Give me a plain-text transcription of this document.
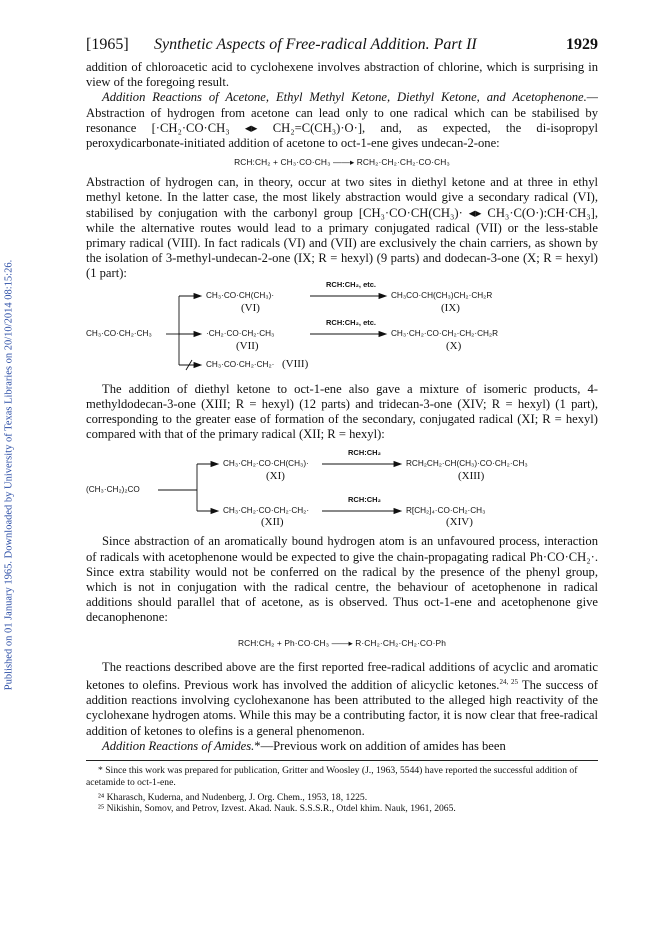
Published on 01 January 1965. Downloaded by University of Texas Libraries on 20/10/2014 08:15:26.
[1965] Synthetic Aspects of Free-radical Addition. Part II	1929

addition of chloroacetic acid to cyclohexene involves abstraction of chlorine, which is surprising in view of the foregoing result.

Addition Reactions of Acetone, Ethyl Methyl Ketone, Diethyl Ketone, and Acetophenone.—Abstraction of hydrogen from acetone can lead only to one radical which can be stabilised by resonance [·CH₂·CO·CH₃ ◂▸ CH₂=C(CH₃)·O·], and, as expected, the di-isopropyl peroxydicarbonate-initiated addition of acetone to oct-1-ene gives undecan-2-one:

RCH:CH₂ + CH₃·CO·CH₃ ——▸ RCH₂·CH₂·CH₂·CO·CH₃

Abstraction of hydrogen can, in theory, occur at two sites in diethyl ketone and at three in ethyl methyl ketone. In the latter case, the most likely abstraction would give a secondary radical (VI), stabilised by conjugation with the carbonyl group [CH₃·CO·CH(CH₃)· ◂▸ CH₃·C(O·):CH·CH₃], while the alternative routes would lead to a primary conjugated radical (VII) or the less-stable primary radical (VIII). In fact radicals (VI) and (VII) are exclusively the chain carriers, as shown by the isolation of 3-methyl-undecan-2-one (IX; R = hexyl) (9 parts) and dodecan-3-one (X; R = hexyl) (1 part):

RCH:CH₂, etc.
CH₃·CO·CH(CH₃)·
(VI)
CH₃CO·CH(CH₃)CH₂·CH₂R
(IX)
RCH:CH₂, etc.
CH₃·CO·CH₂·CH₃	·CH₂·CO·CH₂·CH₃
(VII)
CH₃·CH₂·CO·CH₂·CH₂·CH₂R
(X)
CH₃·CO·CH₂·CH₂· (VIII)

The addition of diethyl ketone to oct-1-ene also gave a mixture of isomeric products, 4-methyldodecan-3-one (XIII; R = hexyl) (12 parts) and tridecan-3-one (XIV; R = hexyl) (1 part), corresponding to the greater ease of formation of the secondary, conjugated radical (XI; R = hexyl) compared with that of the primary radical (XII; R = hexyl):

RCH:CH₂
CH₃·CH₂·CO·CH(CH₃)·
(XI)
RCH₂CH₂·CH(CH₃)·CO·CH₂·CH₃
(XIII)
(CH₃·CH₂)₂CO
RCH:CH₂
CH₃·CH₂·CO·CH₂·CH₂·
(XII)
R[CH₂]₄·CO·CH₂·CH₃
(XIV)

Since abstraction of an aromatically bound hydrogen atom is an unfavoured process, interaction of radicals with acetophenone would be expected to give the chain-propagating radical Ph·CO·CH₂·. Since extra stability would not be conferred on the radical by the presence of the phenyl group, which is not in conjugation with the radical centre, the behaviour of acetophenone in radical additions should parallel that of acetone, as is observed. Thus oct-1-ene and acetophenone give decanophenone:

RCH:CH₂ + Ph·CO·CH₃ ——▸ R·CH₂·CH₂·CH₂·CO·Ph

The reactions described above are the first reported free-radical additions of acyclic and aromatic ketones to olefins. Previous work has involved the addition of alicyclic ketones.$^{24, 25}$ The success of addition reactions involving cyclohexanone has been attributed to the alleged high reactivity of the cyclohexane hydrogen atoms. While this may be a contributing factor, it is now clear that free-radical addition of ketones to olefins is a general phenomenon.

Addition Reactions of Amides.*—Previous work on addition of amides has been

* Since this work was prepared for publication, Gritter and Woosley (J., 1963, 5544) have reported the successful addition of acetamide to oct-1-ene.

²⁴ Kharasch, Kuderna, and Nudenberg, J. Org. Chem., 1953, 18, 1225.

²⁵ Nikishin, Somov, and Petrov, Izvest. Akad. Nauk. S.S.S.R., Otdel khim. Nauk, 1961, 2065.
